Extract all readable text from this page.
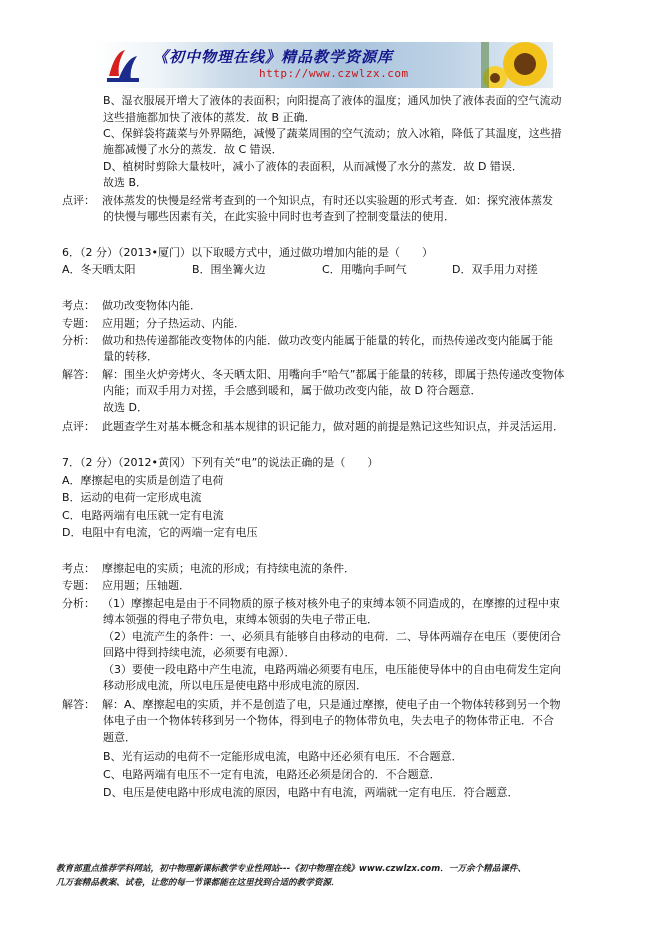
《初中物理在线》精品教学资源库
http://www.czwlzx.com
B、湿衣服展开增大了液体的表面积；向阳提高了液体的温度；通风加快了液体表面的空气流动
这些措施都加快了液体的蒸发．故 B 正确．
C、保鲜袋将蔬菜与外界隔绝，减慢了蔬菜周围的空气流动；放入冰箱，降低了其温度，这些措
施都减慢了水分的蒸发．故 C 错误．
D、植树时剪除大量枝叶，减小了液体的表面积，从而减慢了水分的蒸发．故 D 错误．
故选 B．
点评： 液体蒸发的快慢是经常考查到的一个知识点，有时还以实验题的形式考查．如：探究液体蒸发
的快慢与哪些因素有关，在此实验中同时也考查到了控制变量法的使用．
6．（2 分）（2013•厦门）以下取暖方式中，通过做功增加内能的是（　　）
A．冬天晒太阳	B．围坐篝火边	C．用嘴向手呵气	D．双手用力对搓
考点： 做功改变物体内能．
专题： 应用题；分子热运动、内能．
分析： 做功和热传递都能改变物体的内能．做功改变内能属于能量的转化，而热传递改变内能属于能
量的转移．
解答： 解：围坐火炉旁烤火、冬天晒太阳、用嘴向手“哈气”都属于能量的转移，即属于热传递改变物体
内能；而双手用力对搓，手会感到暖和，属于做功改变内能，故 D 符合题意．
故选 D．
点评： 此题查学生对基本概念和基本规律的识记能力，做对题的前提是熟记这些知识点，并灵活运用．
7．（2 分）（2012•黄冈）下列有关“电”的说法正确的是（　　）
A．摩擦起电的实质是创造了电荷
B．运动的电荷一定形成电流
C．电路两端有电压就一定有电流
D．电阻中有电流，它的两端一定有电压
考点： 摩擦起电的实质；电流的形成；有持续电流的条件．
专题： 应用题；压轴题．
分析： （1）摩擦起电是由于不同物质的原子核对核外电子的束缚本领不同造成的，在摩擦的过程中束
缚本领强的得电子带负电，束缚本领弱的失电子带正电．
（2）电流产生的条件：一、必须具有能够自由移动的电荷．二、导体两端存在电压（要使闭合
回路中得到持续电流，必须要有电源）．
（3）要使一段电路中产生电流，电路两端必须要有电压，电压能使导体中的自由电荷发生定向
移动形成电流，所以电压是使电路中形成电流的原因．
解答： 解：A、摩擦起电的实质，并不是创造了电，只是通过摩擦，使电子由一个物体转移到另一个物
体电子由一个物体转移到另一个物体，得到电子的物体带负电，失去电子的物体带正电．不合
题意．
B、光有运动的电荷不一定能形成电流，电路中还必须有电压．不合题意．
C、电路两端有电压不一定有电流，电路还必须是闭合的．不合题意．
D、电压是使电路中形成电流的原因，电路中有电流，两端就一定有电压．符合题意．
教育部重点推荐学科网站，初中物理新课标教学专业性网站---《初中物理在线》www.czwlzx.com．一万余个精品课件、
几万套精品教案、试卷，让您的每一节课都能在这里找到合适的教学资源．
